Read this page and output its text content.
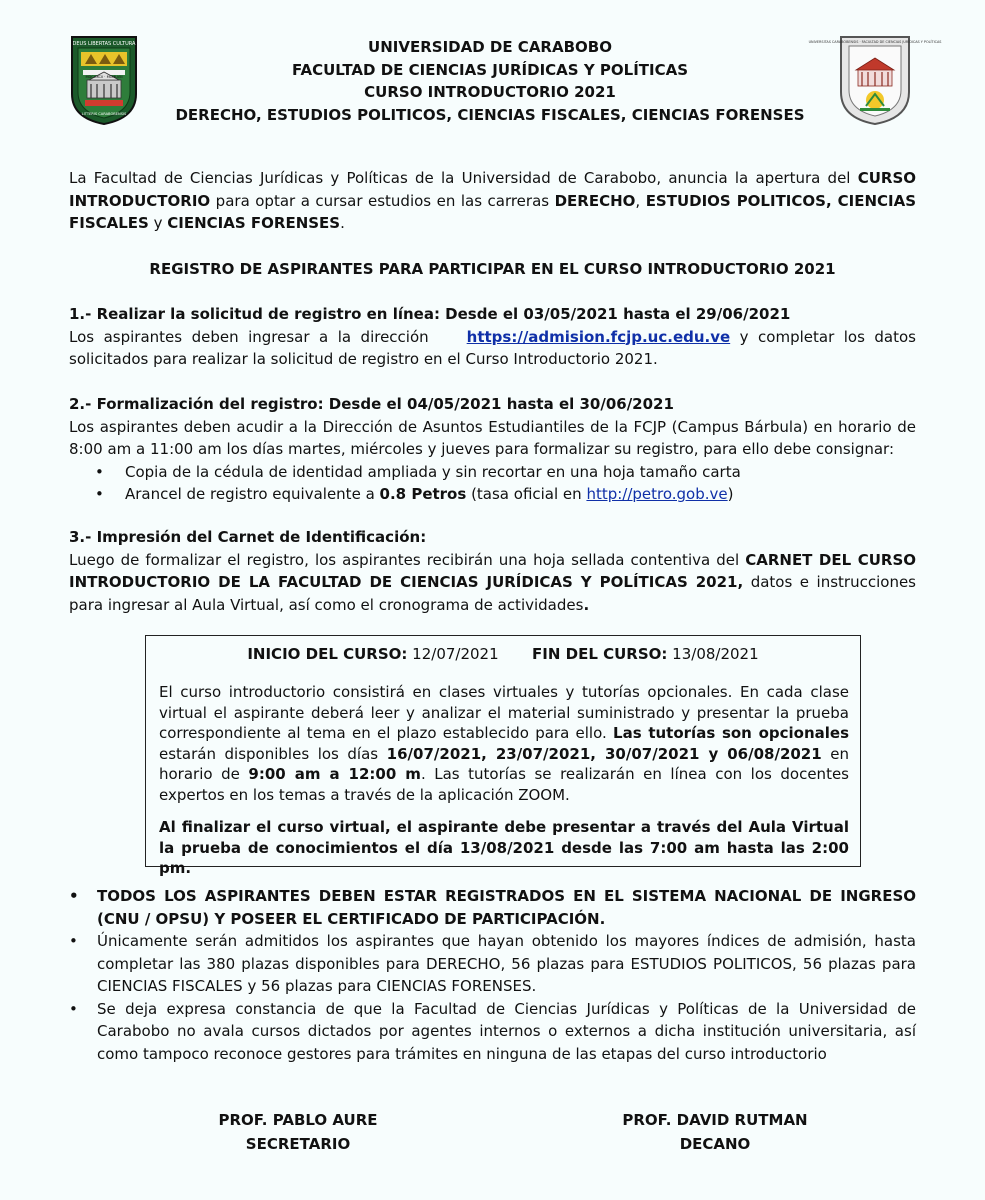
DEUS LIBERTAS CULTURA
MDCCXCII · MCMLVIII
LITTERIS CARABOBENSIS
UNIVERSITAS CARABOBENSIS · FACULTAD DE CIENCIAS JURÍDICAS Y POLÍTICAS
UNIVERSIDAD DE CARABOBO
FACULTAD DE CIENCIAS JURÍDICAS Y POLÍTICAS
CURSO INTRODUCTORIO 2021
DERECHO, ESTUDIOS POLITICOS, CIENCIAS FISCALES, CIENCIAS FORENSES
La Facultad de Ciencias Jurídicas y Políticas de la Universidad de Carabobo, anuncia la apertura del CURSO INTRODUCTORIO para optar a cursar estudios en las carreras DERECHO, ESTUDIOS POLITICOS, CIENCIAS FISCALES y CIENCIAS FORENSES.
REGISTRO DE ASPIRANTES PARA PARTICIPAR EN EL CURSO INTRODUCTORIO 2021
1.- Realizar la solicitud de registro en línea: Desde el 03/05/2021 hasta el 29/06/2021
Los aspirantes deben ingresar a la dirección    https://admision.fcjp.uc.edu.ve y completar los datos solicitados para realizar la solicitud de registro en el Curso Introductorio 2021.
2.- Formalización del registro: Desde el 04/05/2021 hasta el 30/06/2021
Los aspirantes deben acudir a la Dirección de Asuntos Estudiantiles de la FCJP (Campus Bárbula) en horario de 8:00 am a 11:00 am los días martes, miércoles y jueves para formalizar su registro, para ello debe consignar:
• Copia de la cédula de identidad ampliada y sin recortar en una hoja tamaño carta
• Arancel de registro equivalente a 0.8 Petros (tasa oficial en http://petro.gob.ve)
3.- Impresión del Carnet de Identificación:
Luego de formalizar el registro, los aspirantes recibirán una hoja sellada contentiva del CARNET DEL CURSO INTRODUCTORIO DE LA FACULTAD DE CIENCIAS JURÍDICAS Y POLÍTICAS 2021, datos e instrucciones para ingresar al Aula Virtual, así como el cronograma de actividades.
INICIO DEL CURSO: 12/07/2021 FIN DEL CURSO: 13/08/2021
El curso introductorio consistirá en clases virtuales y tutorías opcionales. En cada clase virtual el aspirante deberá leer y analizar el material suministrado y presentar la prueba correspondiente al tema en el plazo establecido para ello. Las tutorías son opcionales estarán disponibles los días 16/07/2021, 23/07/2021, 30/07/2021 y 06/08/2021 en horario de 9:00 am a 12:00 m. Las tutorías se realizarán en línea con los docentes expertos en los temas a través de la aplicación ZOOM.
Al finalizar el curso virtual, el aspirante debe presentar a través del Aula Virtual la prueba de conocimientos el día 13/08/2021 desde las 7:00 am hasta las 2:00 pm.
• TODOS LOS ASPIRANTES DEBEN ESTAR REGISTRADOS EN EL SISTEMA NACIONAL DE INGRESO (CNU / OPSU) Y POSEER EL CERTIFICADO DE PARTICIPACIÓN.
• Únicamente serán admitidos los aspirantes que hayan obtenido los mayores índices de admisión, hasta completar las 380 plazas disponibles para DERECHO, 56 plazas para ESTUDIOS POLITICOS, 56 plazas para CIENCIAS FISCALES y 56 plazas para CIENCIAS FORENSES.
• Se deja expresa constancia de que la Facultad de Ciencias Jurídicas y Políticas de la Universidad de Carabobo no avala cursos dictados por agentes internos o externos a dicha institución universitaria, así como tampoco reconoce gestores para trámites en ninguna de las etapas del curso introductorio
PROF. PABLO AURE
SECRETARIO
PROF. DAVID RUTMAN
DECANO
